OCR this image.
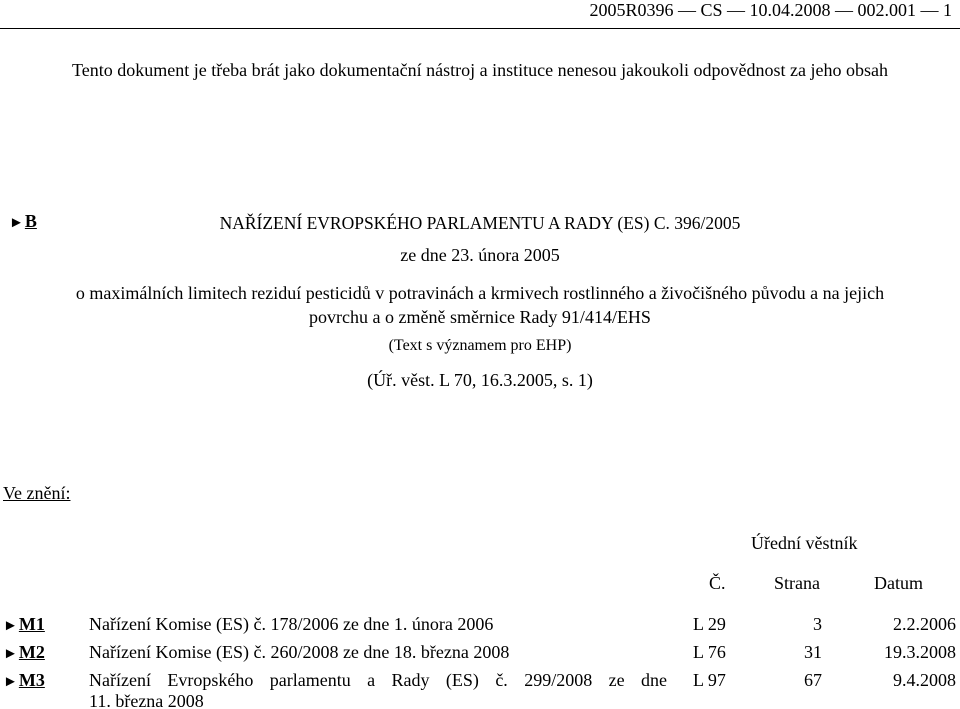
2005R0396 — CS — 10.04.2008 — 002.001 — 1
Tento dokument je třeba brát jako dokumentační nástroj a instituce nenesou jakoukoli odpovědnost za jeho obsah
►B	NAŘÍZENÍ EVROPSKÉHO PARLAMENTU A RADY (ES) C. 396/2005
ze dne 23. února 2005
o maximálních limitech reziduí pesticidů v potravinách a krmivech rostlinného a živočišného původu a na jejich povrchu a o změně směrnice Rady 91/414/EHS
(Text s významem pro EHP)
(Úř. věst. L 70, 16.3.2005, s. 1)
Ve znění:
Úřední věstník
Č.	Strana	Datum
►M1 Nařízení Komise (ES) č. 178/2006 ze dne 1. února 2006	L 29	3	2.2.2006
►M2 Nařízení Komise (ES) č. 260/2008 ze dne 18. března 2008	L 76	31	19.3.2008
►M3 Nařízení Evropského parlamentu a Rady (ES) č. 299/2008 ze dne
11. března 2008
L 97	67	9.4.2008
